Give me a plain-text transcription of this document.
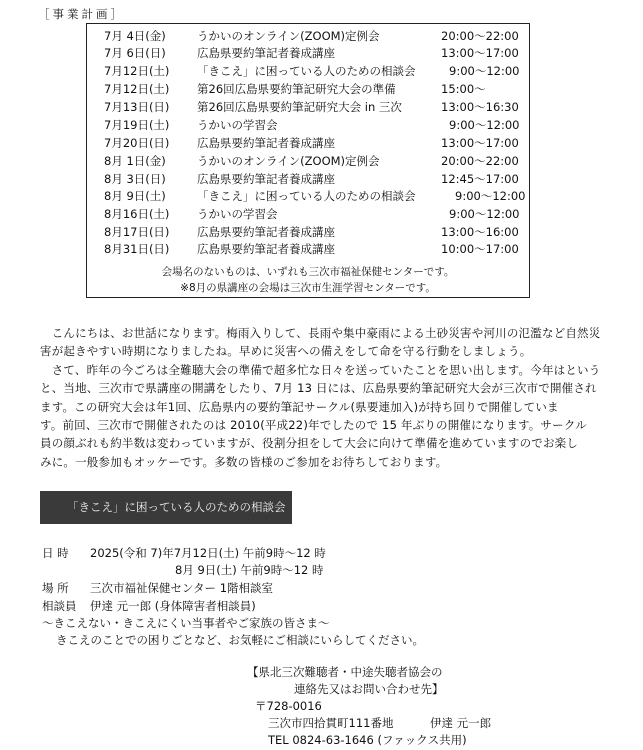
［事業計画］
7月 4日(金)	うかいのオンライン(ZOOM)定例会	20:00～22:00
7月 6日(日)	広島県要約筆記者養成講座	13:00～17:00
7月12日(土) 「きこえ」に困っている人のための相談会	9:00～12:00
7月12日(土) 第26回広島県要約筆記研究大会の準備	15:00～
7月13日(日) 第26回広島県要約筆記研究大会 in 三次	13:00～16:30
7月19日(土) うかいの学習会	9:00～12:00
7月20日(日) 広島県要約筆記者養成講座	13:00～17:00
8月 1日(金)	うかいのオンライン(ZOOM)定例会	20:00～22:00
8月 3日(日)	広島県要約筆記者養成講座	12:45～17:00
8月 9日(土)	「きこえ」に困っている人のための相談会	9:00～12:00
8月16日(土) うかいの学習会	9:00～12:00
8月17日(日) 広島県要約筆記者養成講座	13:00～16:00
8月31日(日) 広島県要約筆記者養成講座	10:00～17:00
会場名のないものは、いずれも三次市福祉保健センターです。
※8月の県講座の会場は三次市生涯学習センターです。
　こんにちは、お世話になります。梅雨入りして、長雨や集中豪雨による土砂災害や河川の氾濫など自然災
害が起きやすい時期になりましたね。早めに災害への備えをして命を守る行動をしましょう。
　さて、昨年の今ごろは全難聴大会の準備で超多忙な日々を送っていたことを思い出します。今年はという
と、当地、三次市で県講座の開講をしたり、7月 13 日には、広島県要約筆記研究大会が三次市で開催され
ます。この研究大会は年1回、広島県内の要約筆記サークル(県要連加入)が持ち回りで開催していま
す。前回、三次市で開催されたのは 2010(平成22)年でしたので 15 年ぶりの開催になります。サークル
員の顔ぶれも約半数は変わっていますが、役割分担をして大会に向けて準備を進めていますのでお楽し
みに。一般参加もオッケーです。多数の皆様のご参加をお待ちしております。
「きこえ」に困っている人のための相談会
日 時 2025(令和 7)年7月12日(土) 午前9時～12 時
8月 9日(土) 午前9時～12 時
場 所 三次市福祉保健センター 1階相談室
相談員 伊達 元一郎 (身体障害者相談員)
～きこえない・きこえにくい当事者やご家族の皆さま～
きこえのことでの困りごとなど、お気軽にご相談にいらしてください。
【県北三次難聴者・中途失聴者協会の
連絡先又はお問い合わせ先】
〒728-0016
三次市四拾貫町111番地	伊達 元一郎
TEL 0824-63-1646 (ファックス共用)
